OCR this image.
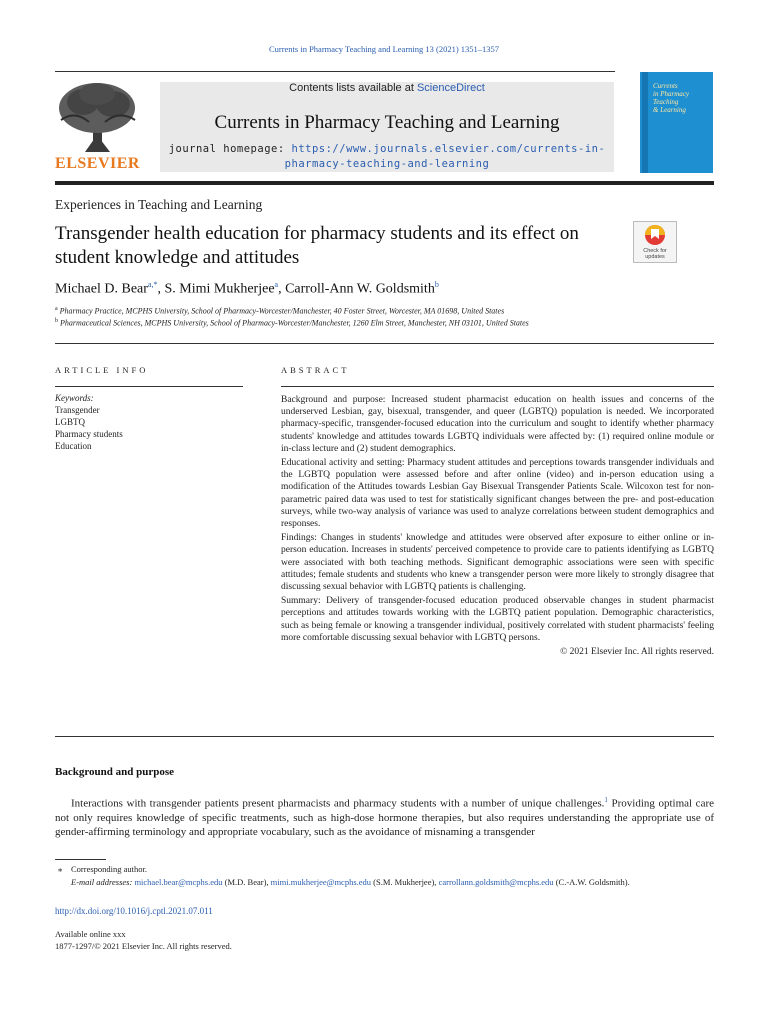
Currents in Pharmacy Teaching and Learning 13 (2021) 1351–1357
ELSEVIER
Contents lists available at ScienceDirect
Currents in Pharmacy Teaching and Learning
journal homepage: https://www.journals.elsevier.com/currents-in-pharmacy-teaching-and-learning
Currents
in Pharmacy
Teaching
& Learning
Experiences in Teaching and Learning
Transgender health education for pharmacy students and its effect on student knowledge and attitudes	Check for updates
Michael D. Bear$^{a,*}$, S. Mimi Mukherjee$^a$, Carroll-Ann W. Goldsmith$^b$
$^a$ Pharmacy Practice, MCPHS University, School of Pharmacy-Worcester/Manchester, 40 Foster Street, Worcester, MA 01698, United States
$^b$ Pharmaceutical Sciences, MCPHS University, School of Pharmacy-Worcester/Manchester, 1260 Elm Street, Manchester, NH 03101, United States
ARTICLE INFO
Keywords:
Transgender
LGBTQ
Pharmacy students
Education
ABSTRACT

Background and purpose: Increased student pharmacist education on health issues and concerns of the underserved Lesbian, gay, bisexual, transgender, and queer (LGBTQ) population is needed. We incorporated pharmacy-specific, transgender-focused education into the curriculum and sought to identify whether pharmacy students' knowledge and attitudes towards LGBTQ individuals were affected by: (1) required online module or in-class lecture and (2) student demographics.

Educational activity and setting: Pharmacy student attitudes and perceptions towards transgender individuals and the LGBTQ population were assessed before and after online (video) and in-person education using a modification of the Attitudes towards Lesbian Gay Bisexual Transgender Patients Scale. Wilcoxon test for non-parametric paired data was used to test for statistically significant changes between the pre- and post-education surveys, while two-way analysis of variance was used to analyze correlations between student demographics and responses.

Findings: Changes in students' knowledge and attitudes were observed after exposure to either online or in-person education. Increases in students' perceived competence to provide care to patients identifying as LGBTQ were associated with both teaching methods. Significant demographic associations were seen with specific attitudes; female students and students who knew a transgender person were more likely to strongly disagree that discussing sexual behavior with LGBTQ patients is challenging.

Summary: Delivery of transgender-focused education produced observable changes in student pharmacist perceptions and attitudes towards working with the LGBTQ patient population. Demographic characteristics, such as being female or knowing a transgender individual, positively correlated with student pharmacists' feeling more comfortable discussing sexual behavior with LGBTQ persons.

© 2021 Elsevier Inc. All rights reserved.
Background and purpose

Interactions with transgender patients present pharmacists and pharmacy students with a number of unique challenges.$^1$ Providing optimal care not only requires knowledge of specific treatments, such as high-dose hormone therapies, but also requires understanding the appropriate use of gender-affirming terminology and appropriate vocabulary, such as the avoidance of misnaming a transgender

⁎ Corresponding author.
E-mail addresses: michael.bear@mcphs.edu (M.D. Bear), mimi.mukherjee@mcphs.edu (S.M. Mukherjee), carrollann.goldsmith@mcphs.edu (C.-A.W. Goldsmith).
http://dx.doi.org/10.1016/j.cptl.2021.07.011
Available online xxx
1877-1297/© 2021 Elsevier Inc. All rights reserved.
